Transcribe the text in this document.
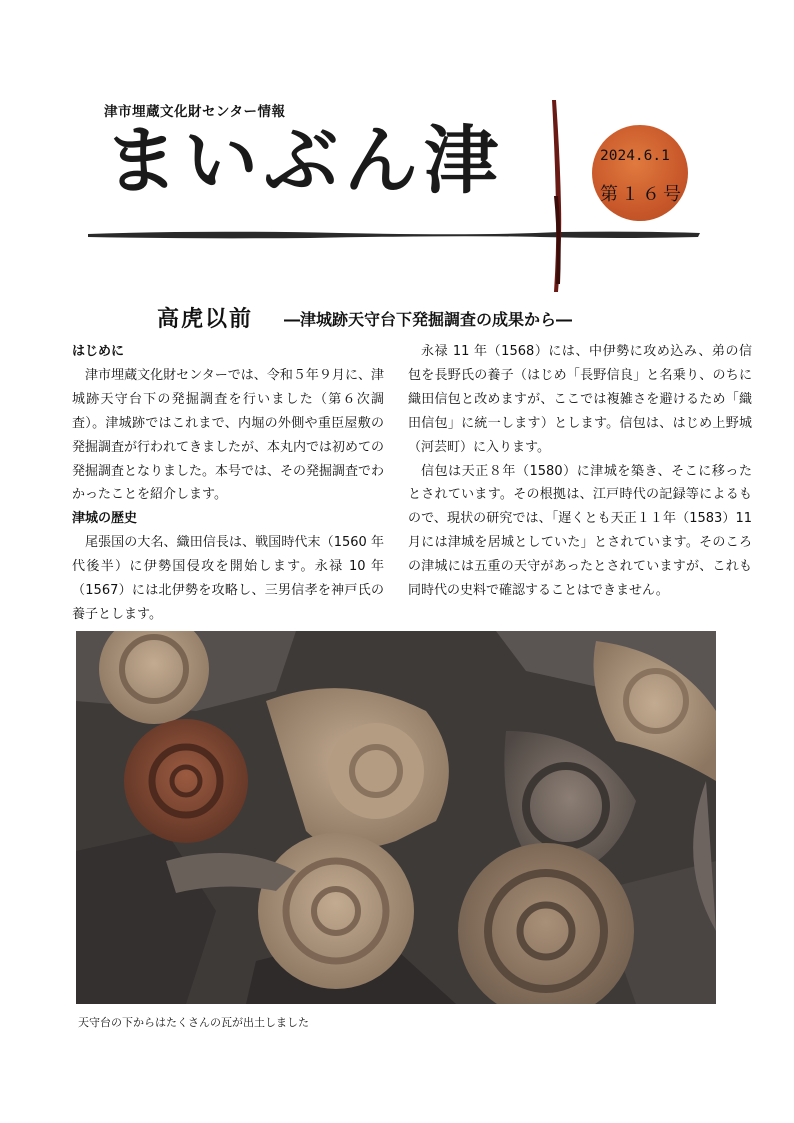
津市埋蔵文化財センター情報
まいぶん津	2024.6.1
第１６号
高虎以前 ―津城跡天守台下発掘調査の成果から―
はじめに

津市埋蔵文化財センターでは、令和５年９月に、津城跡天守台下の発掘調査を行いました（第６次調査）。津城跡ではこれまで、内堀の外側や重臣屋敷の発掘調査が行われてきましたが、本丸内では初めての発掘調査となりました。本号では、その発掘調査でわかったことを紹介します。

津城の歴史

尾張国の大名、織田信長は、戦国時代末（1560 年代後半）に伊勢国侵攻を開始します。永禄 10 年（1567）には北伊勢を攻略し、三男信孝を神戸氏の養子とします。

永禄 11 年（1568）には、中伊勢に攻め込み、弟の信包を長野氏の養子（はじめ「長野信良」と名乗り、のちに織田信包と改めますが、ここでは複雑さを避けるため「織田信包」に統一します）とします。信包は、はじめ上野城（河芸町）に入ります。

信包は天正８年（1580）に津城を築き、そこに移ったとされています。その根拠は、江戸時代の記録等によるもので、現状の研究では、「遅くとも天正１１年（1583）11 月には津城を居城としていた」とされています。そのころの津城には五重の天守があったとされていますが、これも同時代の史料で確認することはできません。

天守台の下からはたくさんの瓦が出土しました
